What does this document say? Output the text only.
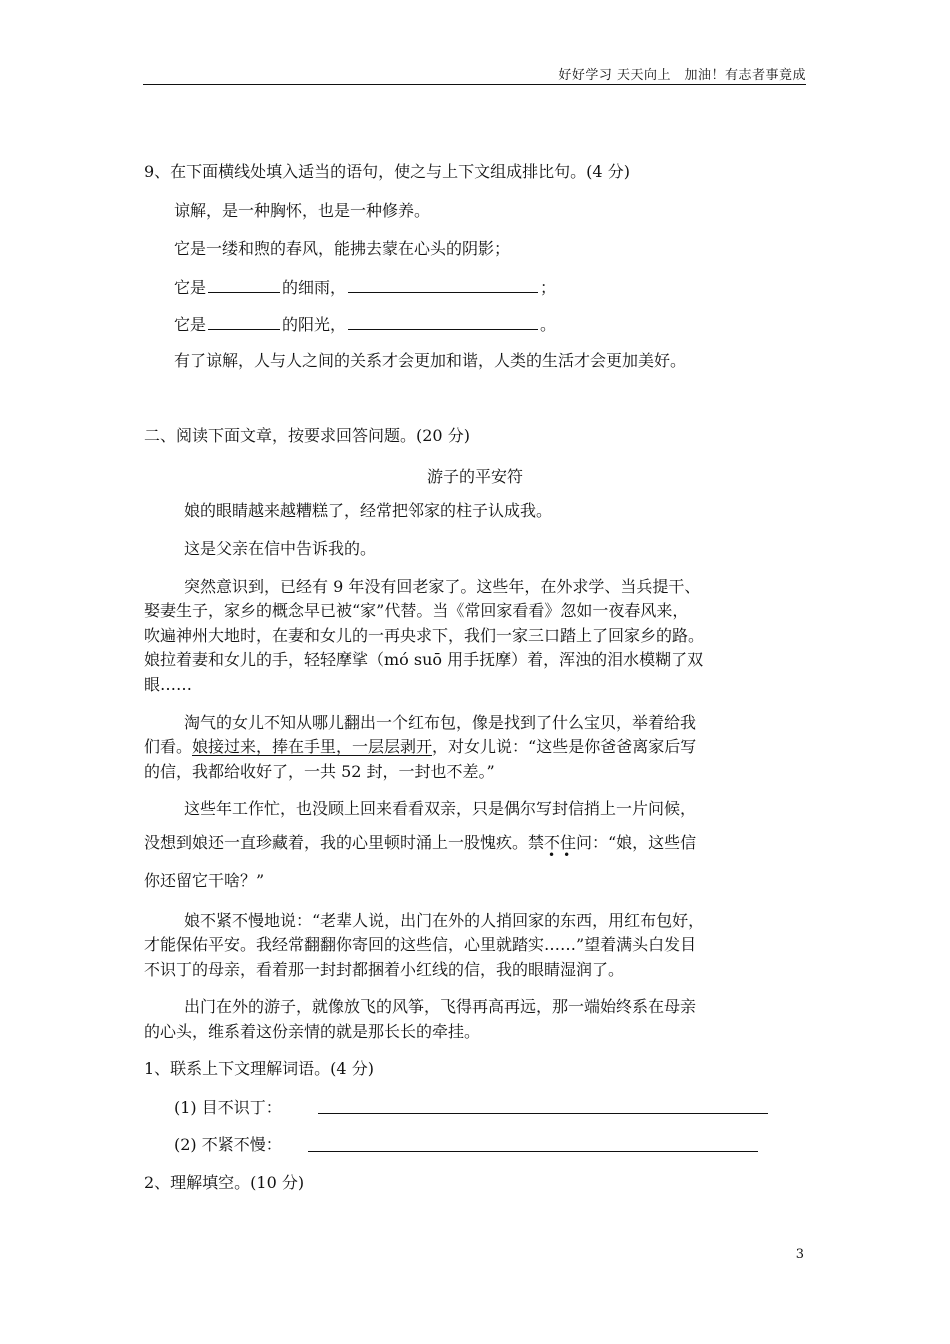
好好学习 天天向上　加油！有志者事竟成
9、在下面横线处填入适当的语句，使之与上下文组成排比句。(4 分)
谅解，是一种胸怀，也是一种修养。
它是一缕和煦的春风，能拂去蒙在心头的阴影；
它是	的细雨，	；
它是	的阳光，	。
有了谅解，人与人之间的关系才会更加和谐，人类的生活才会更加美好。
二、阅读下面文章，按要求回答问题。(20 分)
游子的平安符
娘的眼睛越来越糟糕了，经常把邻家的柱子认成我。
这是父亲在信中告诉我的。
突然意识到，已经有 9 年没有回老家了。这些年，在外求学、当兵提干、
娶妻生子，家乡的概念早已被“家”代替。当《常回家看看》忽如一夜春风来，
吹遍神州大地时，在妻和女儿的一再央求下，我们一家三口踏上了回家乡的路。
娘拉着妻和女儿的手，轻轻摩挲（mó suō 用手抚摩）着，浑浊的泪水模糊了双
眼……
淘气的女儿不知从哪儿翻出一个红布包，像是找到了什么宝贝，举着给我
们看。娘接过来，捧在手里，一层层剥开，对女儿说：“这些是你爸爸离家后写
的信，我都给收好了，一共 52 封，一封也不差。”
这些年工作忙，也没顾上回来看看双亲，只是偶尔写封信捎上一片问候，
没想到娘还一直珍藏着，我的心里顿时涌上一股愧疚。禁不住问：“娘，这些信
••
你还留它干啥？”
娘不紧不慢地说：“老辈人说，出门在外的人捎回家的东西，用红布包好，
才能保佑平安。我经常翻翻你寄回的这些信，心里就踏实……”望着满头白发目
不识丁的母亲，看着那一封封都捆着小红线的信，我的眼睛湿润了。
出门在外的游子，就像放飞的风筝，飞得再高再远，那一端始终系在母亲
的心头，维系着这份亲情的就是那长长的牵挂。
1、联系上下文理解词语。(4 分)
(1) 目不识丁：
(2) 不紧不慢：
2、理解填空。(10 分)
3
